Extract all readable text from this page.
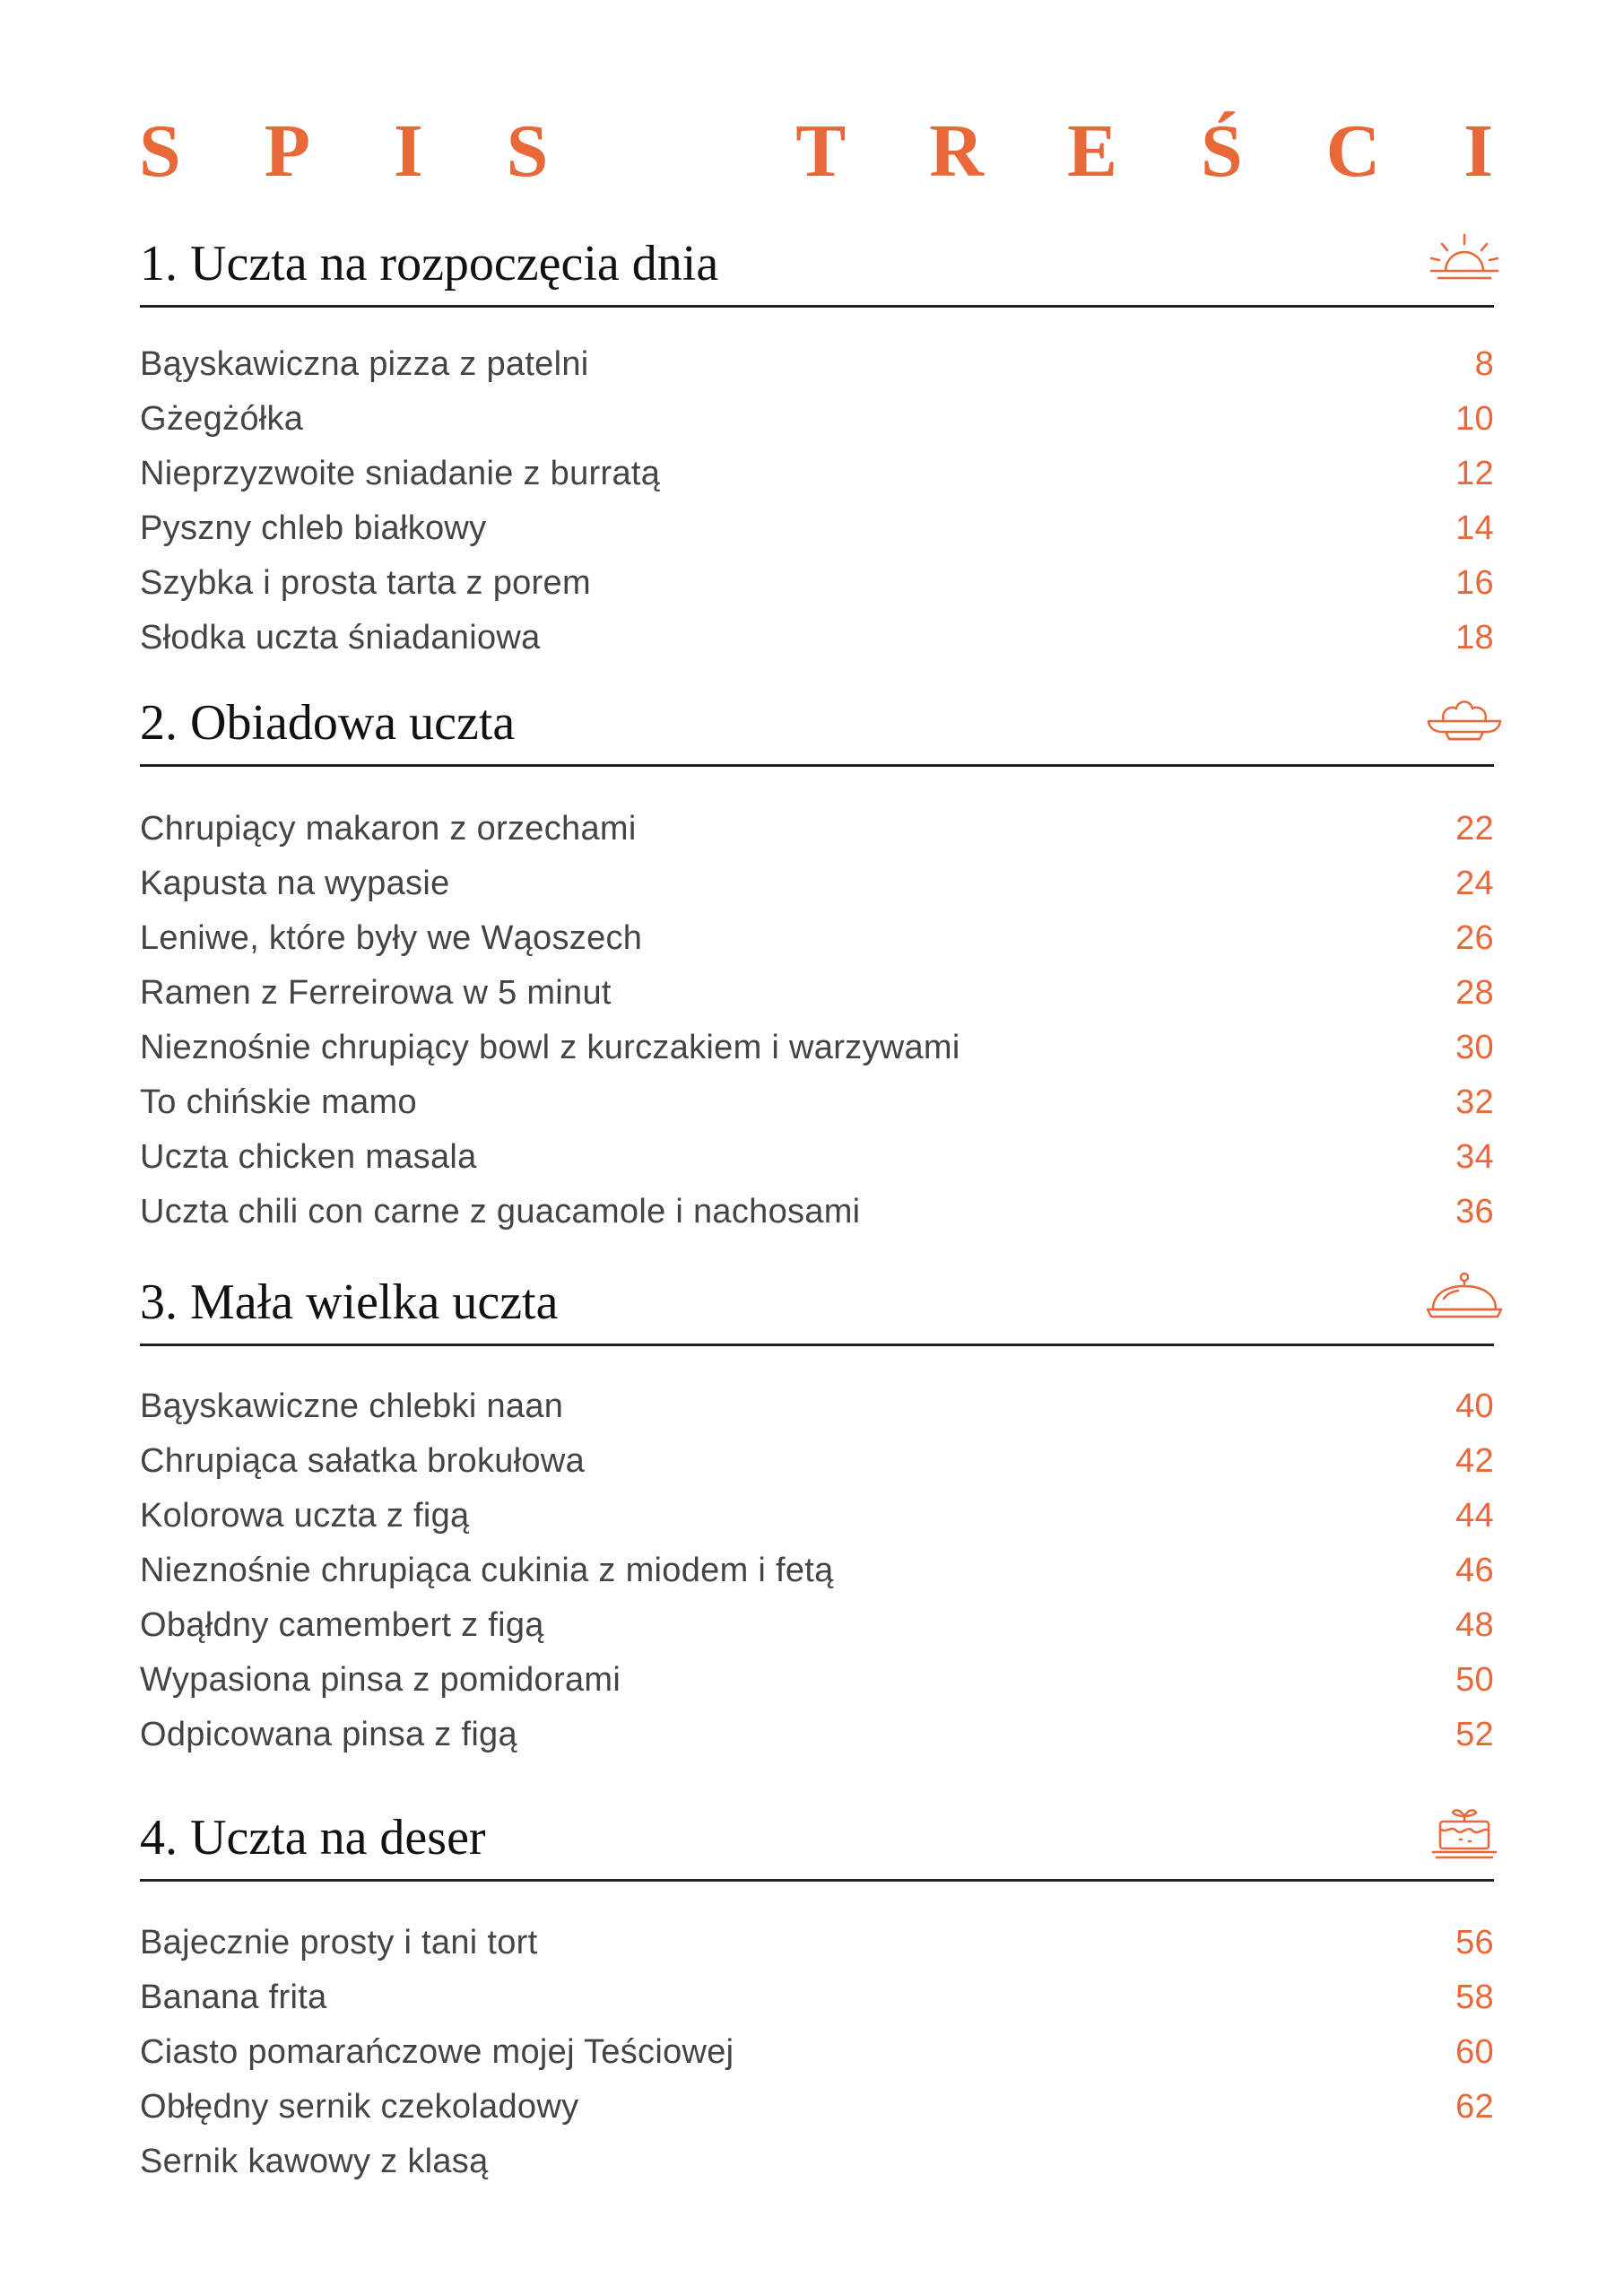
S P I S	T R E Ś C I
1. Uczta na rozpoczęcia dnia
Bąyskawiczna pizza z patelni	8
Gżegżółka	10
Nieprzyzwoite sniadanie z burratą	12
Pyszny chleb białkowy	14
Szybka i prosta tarta z porem	16
Słodka uczta śniadaniowa	18
2. Obiadowa uczta
Chrupiący makaron z orzechami	22
Kapusta na wypasie	24
Leniwe, które były we Wąoszech	26
Ramen z Ferreirowa w 5 minut	28
Nieznośnie chrupiący bowl z kurczakiem i warzywami	30
To chińskie mamo	32
Uczta chicken masala	34
Uczta chili con carne z guacamole i nachosami	36
3. Mała wielka uczta
Bąyskawiczne chlebki naan	40
Chrupiąca sałatka brokułowa	42
Kolorowa uczta z figą	44
Nieznośnie chrupiąca cukinia z miodem i fetą	46
Obąłdny camembert z figą	48
Wypasiona pinsa z pomidorami	50
Odpicowana pinsa z figą	52
4. Uczta na deser
Bajecznie prosty i tani tort	56
Banana frita	58
Ciasto pomarańczowe mojej Teściowej	60
Obłędny sernik czekoladowy	62
Sernik kawowy z klasą
